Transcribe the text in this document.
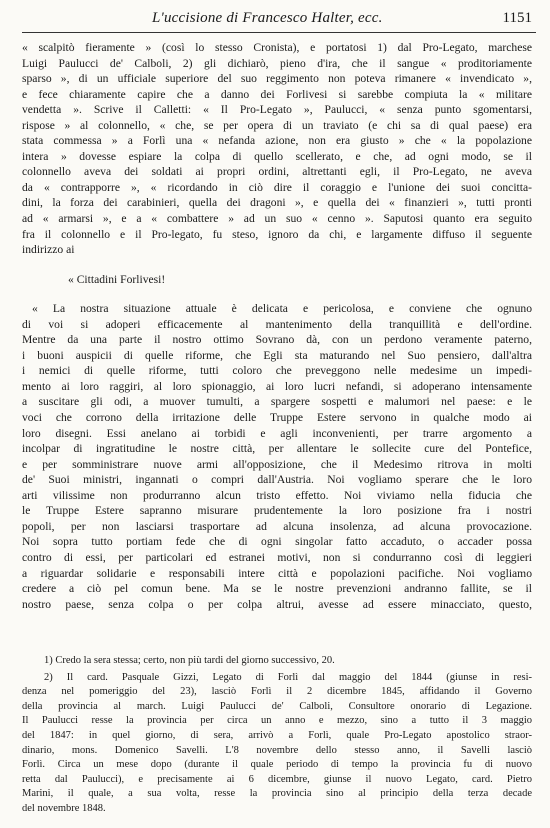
L'uccisione di Francesco Halter, ecc.	1151
« scalpitò fieramente » (così lo stesso Cronista), e portatosi 1) dal Pro-Legato, marchese
Luigi Paulucci de' Calboli, 2) gli dichiarò, pieno d'ira, che il sangue « proditoriamente
sparso », di un ufficiale superiore del suo reggimento non poteva rimanere « invendicato »,
e fece chiaramente capire che a danno dei Forlivesi si sarebbe compiuta la « militare
vendetta ». Scrive il Calletti: « Il Pro-Legato », Paulucci, « senza punto sgomentarsi,
rispose » al colonnello, « che, se per opera di un traviato (e chi sa di qual paese) era
stata commessa » a Forlì una « nefanda azione, non era giusto » che « la popolazione
intera » dovesse espiare la colpa di quello scellerato, e che, ad ogni modo, se il
colonnello aveva dei soldati ai propri ordini, altrettanti egli, il Pro-Legato, ne aveva
da « contrapporre », « ricordando in ciò dire il coraggio e l'unione dei suoi concitta-
dini, la forza dei carabinieri, quella dei dragoni », e quella dei « finanzieri », tutti pronti
ad « armarsi », e a « combattere » ad un suo « cenno ». Saputosi quanto era seguito
fra il colonnello e il Pro-legato, fu steso, ignoro da chi, e largamente diffuso il seguente
indirizzo ai
« Cittadini Forlivesi!
« La nostra situazione attuale è delicata e pericolosa, e conviene che ognuno
di voi si adoperi efficacemente al mantenimento della tranquillità e dell'ordine.
Mentre da una parte il nostro ottimo Sovrano dà, con un perdono veramente paterno,
i buoni auspicii di quelle riforme, che Egli sta maturando nel Suo pensiero, dall'altra
i nemici di quelle riforme, tutti coloro che preveggono nelle medesime un impedi-
mento ai loro raggiri, al loro spionaggio, ai loro lucri nefandi, si adoperano intensamente
a suscitare gli odi, a muover tumulti, a spargere sospetti e malumori nel paese: e le
voci che corrono della irritazione delle Truppe Estere servono in qualche modo ai
loro disegni. Essi anelano ai torbidi e agli inconvenienti, per trarre argomento a
incolpar di ingratitudine le nostre città, per allentare le sollecite cure del Pontefice,
e per somministrare nuove armi all'opposizione, che il Medesimo ritrova in molti
de' Suoi ministri, ingannati o compri dall'Austria. Noi vogliamo sperare che le loro
arti vilissime non produrranno alcun tristo effetto. Noi viviamo nella fiducia che
le Truppe Estere sapranno misurare prudentemente la loro posizione fra i nostri
popoli, per non lasciarsi trasportare ad alcuna insolenza, ad alcuna provocazione.
Noi sopra tutto portiam fede che di ogni singolar fatto accaduto, o accader possa
contro di essi, per particolari ed estranei motivi, non si condurranno così di leggieri
a riguardar solidarie e responsabili intere città e popolazioni pacifiche. Noi vogliamo
credere a ciò pel comun bene. Ma se le nostre prevenzioni andranno fallite, se il
nostro paese, senza colpa o per colpa altrui, avesse ad essere minacciato, questo,
1) Credo la sera stessa; certo, non più tardi del giorno successivo, 20.
2) Il card. Pasquale Gizzi, Legato di Forlì dal maggio del 1844 (giunse in resi-
denza nel pomeriggio del 23), lasciò Forlì il 2 dicembre 1845, affidando il Governo
della provincia al march. Luigi Paulucci de' Calboli, Consultore onorario di Legazione.
Il Paulucci resse la provincia per circa un anno e mezzo, sino a tutto il 3 maggio
del 1847: in quel giorno, di sera, arrivò a Forlì, quale Pro-Legato apostolico straor-
dinario, mons. Domenico Savelli. L'8 novembre dello stesso anno, il Savelli lasciò
Forlì. Circa un mese dopo (durante il quale periodo di tempo la provincia fu di nuovo
retta dal Paulucci), e precisamente ai 6 dicembre, giunse il nuovo Legato, card. Pietro
Marini, il quale, a sua volta, resse la provincia sino al principio della terza decade
del novembre 1848.
